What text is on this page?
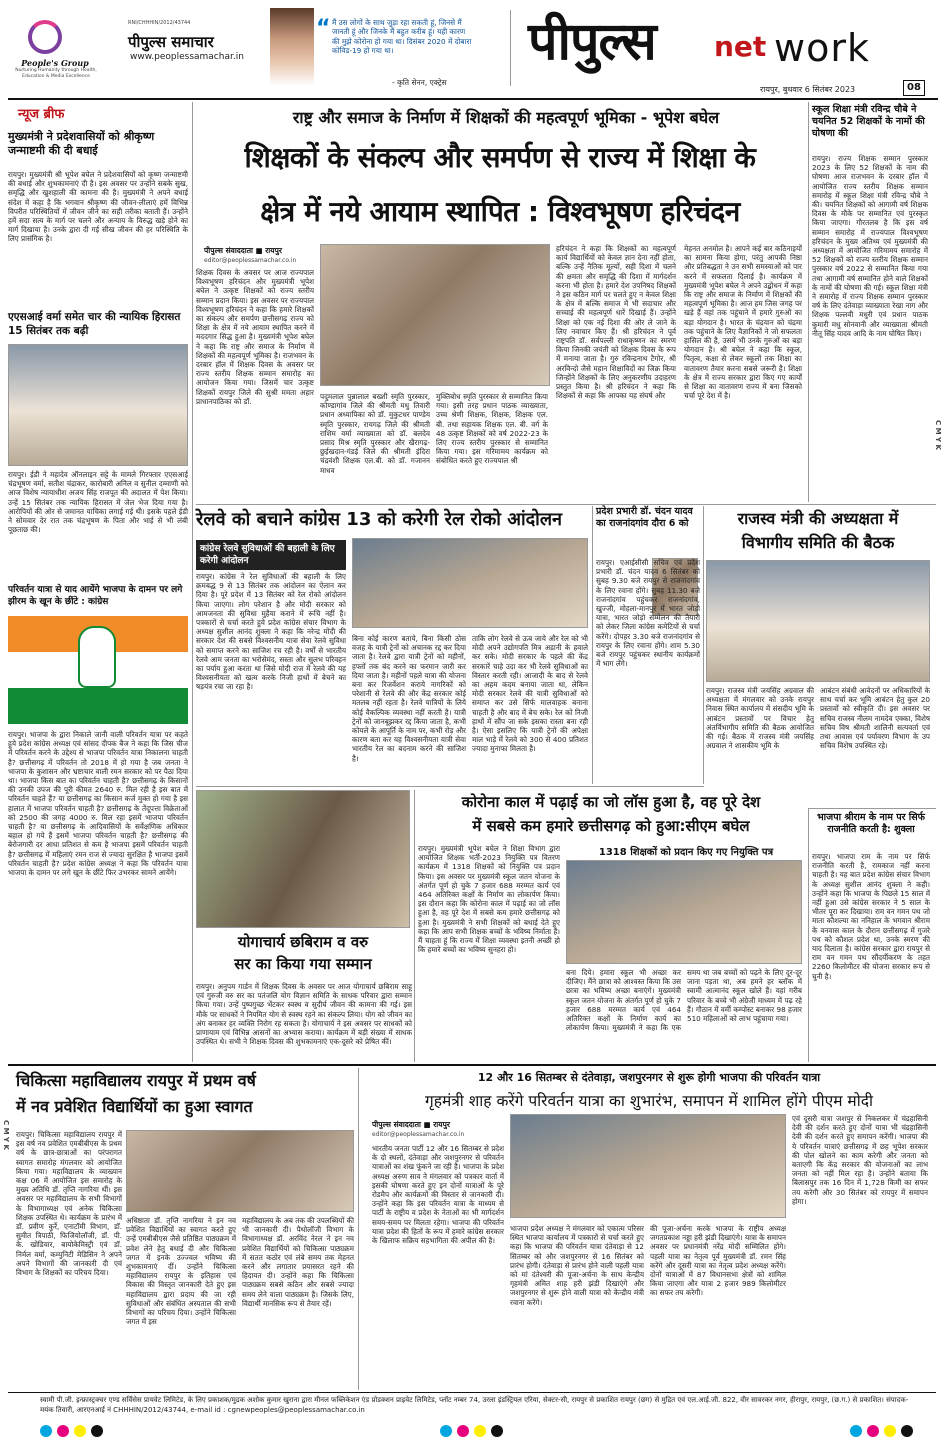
People's Group
Nurturing Humanity through Health, Education & Media Excellence
RNI/CHHHIN/2012/43744
पीपुल्स समाचार
www.peoplessamachar.in
“ मैं उस लोगों के साथ जुड़ा रहा सकती हूं, जिनसे मैं जानती हूं और जिनके मैं बहुत करीब हूं। यही कारण की मुझे कोरोना हो गया था। दिसंबर 2020 में दोबारा कोविड-19 हो गया था।
- कृति सेनन, एक्ट्रेस
पीपुल्स net work
रायपुर, बुधवार 6 सितंबर 2023	08
न्यूज ब्रीफ
मुख्यमंत्री ने प्रदेशवासियों को श्रीकृष्ण जन्माष्टमी की दी बधाई
रायपुर। मुख्यमंत्री श्री भूपेश बघेल ने प्रदेशवासियों को कृष्ण जन्माष्टमी की बधाई और शुभकामनाएं दी है। इस अवसर पर उन्होंने सबके सुख, समृद्धि और खुशहाली की कामना की है। मुख्यमंत्री ने अपने बधाई संदेश में कहा है कि भगवान श्रीकृष्ण की जीवन-लीलाएं हमें विभिन्न विपरीत परिस्थितियों में जीवन जीने का सही तरीका बताती हैं। उन्होंने हमें सदा सत्य के मार्ग पर चलने और अन्याय के विरुद्ध खड़े होने का मार्ग दिखाया है। उनके द्वारा दी गई सीख जीवन की हर परिस्थिति के लिए प्रासंगिक है।
एएसआई वर्मा समेत चार की न्यायिक हिरासत 15 सितंबर तक बढ़ी
रायपुर। ईडी ने महादेव ऑनलाइन सट्टे के मामले गिरफ्तार एएसआई चंद्रभूषण वर्मा, सतीश चंद्राकर, कारोबारी अनिल व सुनील दम्माणी को आज विशेष न्यायाधीश अजय सिंह राजपूत की अदालत में पेश किया। उन्हें 15 सितंबर तक न्यायिक हिरासत में जेल भेज दिया गया है। आरोपियों की ओर से जमानत याचिका लगाई गई थी। इसके पहले ईडी ने सोमवार देर रात तक चंद्रभूषण के पिता और भाई से भी लंबी पूछताछ की।
परिवर्तन यात्रा से याद आयेंगे भाजपा के दामन पर लगे झीरम के खून के छींटे : कांग्रेस
रायपुर। भाजपा के द्वारा निकाले जानी वाली परिवर्तन यात्रा पर कहते हुये प्रदेश कांग्रेस अध्यक्ष एवं सांसद दीपक बैज ने कहा कि जिस चीज में परिवर्तन करने के उद्देश्य से भाजपा परिवर्तन यात्रा निकालना चाहती है? छत्तीसगढ़ में परिवर्तन तो 2018 में हो गया है जब जनता ने भाजपा के कुशासन और भ्रष्टाचार वाली रमन सरकार को पर पैठा दिया था। भाजपा किस बात का परिवर्तन चाहती है? छत्तीसगढ़ के किसानों की उनकी उपज की पूरी कीमत 2640 रु. मिल रही है इस बात में परिवर्तन चाहते हैं? या छत्तीसगढ़ का किसान कर्ज मुक्त हो गया है इस हालात में भाजपा परिवर्तन चाहती है? छत्तीसगढ़ के तेंदूपत्ता विक्रेताओं को 2500 की जगह 4000 रु. मिल रहा इसमें भाजपा परिवर्तन चाहती है? या छत्तीसगढ़ के आदिवासियों के सर्वेक्षणिक अधिकार बहाल हो गये हैं इसमें भाजपा परिवर्तन चाहती है? छत्तीसगढ़ की बेरोजगारी दर आधा प्रतिशत से कम है भाजपा इसमें परिवर्तन चाहती है? छत्तीसगढ़ में महिलाएं रमन राज से ज्यादा सुरक्षित है भाजपा इसमें परिवर्तन चाहती है? प्रदेश कांग्रेस अध्यक्ष ने कहा कि परिवर्तन यात्रा भाजपा के दामन पर लगे खून के छींटे फिर उभरकर सामने आयेंगे।
राष्ट्र और समाज के निर्माण में शिक्षकों की महत्वपूर्ण भूमिका - भूपेश बघेल
शिक्षकों के संकल्प और समर्पण से राज्य में शिक्षा के
क्षेत्र में नये आयाम स्थापित : विश्वभूषण हरिचंदन
पीपुल्स संवाददाता ■ रायपुर
editor@peoplessamachar.co.in
शिक्षक दिवस के अवसर पर आज राज्यपाल विश्वभूषण हरिचंदन और मुख्यमंत्री भूपेश बघेल ने उत्कृष्ट शिक्षकों को राज्य स्तरीय सम्मान प्रदान किया। इस अवसर पर राज्यपाल विश्वभूषण हरिचंदन ने कहा कि हमारे शिक्षकों का संकल्प और समर्पण छत्तीसगढ़ राज्य को शिक्षा के क्षेत्र में नये आयाम स्थापित करने में मददगार सिद्ध हुआ है। मुख्यमंत्री भूपेश बघेल ने कहा कि राष्ट्र और समाज के निर्माण में शिक्षकों की महत्वपूर्ण भूमिका है। राजभवन के दरबार हॉल में शिक्षक दिवस के अवसर पर राज्य स्तरीय शिक्षक सम्मान समारोह का आयोजन किया गया। जिसमें चार उत्कृष्ट शिक्षकों रायपुर जिले की सुश्री ममता अहार प्राधानपाठिका को डॉ.
पदुमलाल पुन्नालाल बख्शी स्मृति पुरस्कार, कोण्डागांव जिले की श्रीमती मधु तिवारी प्रधान अध्यापिका को डॉ. मुकुटधर पाण्डेय स्मृति पुरस्कार, रायगढ़ जिले की श्रीमती राशिम वर्मा व्याख्याता को डॉ. बलदेव प्रसाद मिश्र स्मृति पुरस्कार और खैरागढ़-छुईखदान-गंडई जिले की श्रीमती इंदिरा चंद्रवंशी शिक्षक एल.बी. को डॉ. गजानन माधव
मुक्तिबोध स्मृति पुरस्कार से सम्मानित किया गया। इसी तरह प्रधान पाठक व्याख्याता, उच्च श्रेणी शिक्षक, शिक्षक, शिक्षक एल. बी. तथा सहायक शिक्षक एल. बी. वर्ग के 48 उत्कृष्ट शिक्षकों को वर्ष 2022-23 के लिए राज्य स्तरीय पुरस्कार से सम्मानित किया गया। इस गरिमामय कार्यक्रम को संबोधित करते हुए राज्यपाल श्री
हरिचंदन ने कहा कि शिक्षकों का महत्वपूर्ण कार्य विद्यार्थियों को केवल ज्ञान देना नहीं होता, बल्कि उन्हें नैतिक मूल्यों, सही दिशा में चलने की क्षमता और समृद्धि की दिशा में मार्गदर्शन करना भी होता है। हमारे देश उपनिषद शिक्षकों ने इस कठिन मार्ग पर चलते हुए न केवल शिक्षा के क्षेत्र में बल्कि समाज में भी सदाचार और सच्चाई की महत्वपूर्ण धारें दिखाई हैं। उन्होंने शिक्षा को एक नई दिशा की ओर ले जाने के लिए नवाचार किए हैं। श्री हरिचंदन ने पूर्व राष्ट्रपति डॉ. सर्वपल्ली राधाकृष्णन का स्मरण किया जिनकी जयंती को शिक्षक दिवस के रूप में मनाया जाता है। गुरु रविन्द्रनाथ टैगोर, श्री अरविन्दो जैसे महान शिक्षाविदों का जिक्र किया जिन्होंने शिक्षकों के लिए अनुकरणीय उदाहरण प्रस्तुत किया है। श्री हरिचंदन ने कहा कि शिक्षकों से कहा कि आपका यह संघर्ष और
मेहनत अनमोल है। आपने कई बार कठिनाइयों का सामना किया होगा, परंतु आपकी निष्ठा और प्रतिबद्धता ने उन सभी समस्याओं को पार करने में सफलता दिलाई है। कार्यक्रम में मुख्यमंत्री भूपेश बघेल ने अपने उद्बोधन में कहा कि राष्ट्र और समाज के निर्माण में शिक्षकों की महत्वपूर्ण भूमिका है। आज हम जिस जगह पर खड़े हैं वहां तक पहुंचाने में हमारे गुरुओं का बड़ा योगदान है। भारत के चंद्रयान को चंद्रमा तक पहुंचाने के लिए वैज्ञानिकों ने जो सफलता हासिल की है, उसमें भी उनके गुरुओं का बड़ा योगदान है। श्री बघेल ने कहा कि स्कूल, पितृत्व, कक्षा से लेकर स्कूलों तक शिक्षा का वातावरण तैयार करना सबसे जरूरी है। शिक्षा के क्षेत्र में राज्य सरकार द्वारा किए गए कार्यों से शिक्षा का वातावरण राज्य में बना जिसको चर्चा पूरे देश में है।
स्कूल शिक्षा मंत्री रविन्द्र चौबे ने चयनित 52 शिक्षकों के नामों की घोषणा की
रायपुर। राज्य शिक्षक सम्मान पुरस्कार 2023 के लिए 52 शिक्षकों के नाम की घोषणा आज राजभवन के दरबार हॉल में आयोजित राज्य स्तरीय शिक्षक सम्मान समारोह में स्कूल शिक्षा मंत्री रविन्द्र चौबे ने की। चयनित शिक्षकों को आगामी वर्ष शिक्षक दिवस के मौके पर सम्मानित एवं पुरस्कृत किया जाएगा। गौरतलब है कि इस वर्ष सम्मान समारोह में राज्यपाल विश्वभूषण हरिचंदन के मुख्य अतिथ्य एवं मुख्यमंत्री की अध्यक्षता में आयोजित गरिमामय समारोह में 52 शिक्षकों को राज्य स्तरीय शिक्षक सम्मान पुरस्कार वर्ष 2022 से सम्मानित किया गया तथा आगामी वर्ष सम्मानित होने वाले शिक्षकों के नामों की घोषणा की गई। स्कूल शिक्षा मंत्री ने समारोह में राज्य शिक्षक सम्मान पुरस्कार वर्ष के लिए दंतेवाड़ा व्याख्याता रेखा नाग और शिक्षक पल्लवी मधुरी एवं प्रधान पाठक कुमारी मधु सोनवानी और व्याख्याता श्रीमती नीतू सिंह यादव आदि के नाम घोषित किए।
C M Y K
रेलवे को बचाने कांग्रेस 13 को करेगी रेल रोको आंदोलन
कांग्रेस रेलवे सुविधाओं की बहाली के लिए करेगी आंदोलन
रायपुर। कांग्रेस ने रेल सुविधाओं की बहाली के लिए क्रमबद्ध 9 से 13 सितंबर तक आंदोलन का ऐलान कर दिया है। पूरे प्रदेश में 13 सितंबर को रेल रोको आंदोलन किया जाएगा। लोग परेशान है और मोदी सरकार को आमजनता की सुविधा मुहैया कराने में रूचि नहीं है। पत्रकारों से चर्चा करते हुये प्रदेश कांग्रेस संचार विभाग के अध्यक्ष सुशील आनंद शुक्ला ने कहा कि नरेन्द्र मोदी की सरकार देश की सबसे विश्वसनीय यात्रा सेवा रेलवे सुविधा को समाप्त करने का साजिश रच रही है। वर्षों से भारतीय रेलवे आम जनता का भरोसेमंद, सस्ता और सुलभ परिवहन का पर्याय हुआ करता था जिसे मोदी राज में रेलवे की यह विश्वसनीयता को खत्म करके निजी हाथों में बेचने का षड़यंत्र रचा जा रहा है।
बिना कोई कारण बताये, बिना किसी ठोस वजह के यात्री ट्रेनों को अचानक रद्द कर दिया जाता है। रेलवे द्वारा यात्री ट्रेनों को महीनों, हफ्तों तक बंद करने का फरमान जारी कर दिया जाता है। महीनों पहले यात्रा की योजना बना कर रिजर्वेशन कराये नागरिकों को परेशानी से रेलवे की और केंद्र सरकार कोई मतलब नहीं रहता है। रेलवे यात्रियों के लिये कोई वैकल्पिक व्यवस्था नहीं करती है। यात्री ट्रेनों को जानबूझकर रद्द किया जाता है, कभी कोयले के आपूर्ति के नाम पर, कभी रोड़ और कारण बता कर यह विश्वसनीयता यात्री सेवा भारतीय रेल का बदनाम करने की साजिश है।
ताकि लोग रेलवे से ऊब जाये और रेल को भी मोदी अपने उद्योगपति मित्र अडानी के हवाले कर सके। मोदी सरकार के पहले की केंद्र सरकारें चाहे उदा कर भी रेलवे सुविधाओं का विस्तार करती रही। आजादी के बाद से रेलवे का अहम कदम बनाया जाता था, लेकिन मोदी सरकार रेलवे की यात्री सुविधाओं को समाप्त कर उसे सिर्फ मालवाहक बनाना चाहती है और बाद में बेच सके। रेल को निजी हाथों में सौंप जा सके इसका रास्ता बना रही है। ऐसा इसलिए कि यात्री ट्रेनों की अपेक्षा माल भाड़े में रेलवे को 300 से 400 प्रतिशत ज्यादा मुनाफा मिलता है।
प्रदेश प्रभारी डॉ. चंदन यादव का राजनांदगांव दौरा 6 को
रायपुर। एआईसीसी सचिव एवं प्रदेश प्रभारी डॉ. चंदन यादव 6 सितंबर को सुबह 9.30 बजे रायपुर से राजनांदगांव के लिए रवाना होंगे। सुबह 11.30 बजे राजनांदगांव पहुंचकर राजनांदगांव, खुज्जी, मोहला-मानपुर में भारत जोड़ो यात्रा, भारत जोड़ो सम्मेलन की तैयारी को लेकर जिला कांग्रेस कमेटियों से चर्चा करेंगे। दोपहर 3.30 बजे राजनांदगांव से रायपुर के लिए रवाना होंगे। शाम 5.30 बजे रायपुर पहुंचकर स्थानीय कार्यक्रमों में भाग लेंगे।
राजस्व मंत्री की अध्यक्षता में
विभागीय समिति की बैठक
रायपुर। राजस्व मंत्री जयसिंह अग्रवाल की अध्यक्षता में मंगलवार को उनके रायपुर निवास स्थित कार्यालय में संसदीय भूमि के आबंटन प्रस्तावों पर विचार हेतु अंतर्विभागीय समिति की बैठक आयोजित की गई। बैठक में राजस्व मंत्री जयसिंह अग्रवाल ने शासकीय भूमि के
आबंटन संबंधी आवेदनों पर अधिकारियों के साथ चर्चा कर भूमि आबंटन हेतु कुल 20 प्रस्तावों को स्वीकृति दी। इस अवसर पर सचिव राजस्व नीलम नामदेव एक्का, विशेष सचिव विष श्रीमती शालिनी सत्यवर्ता एवं तथा आवास एवं पर्यावरण विभाग के उप सचिव विशेष उपस्थित रहे।
भाजपा श्रीराम के नाम पर सिर्फ राजनीति करती है: शुक्ला
रायपुर। भाजपा राम के नाम पर सिर्फ राजनीति करती है, रामकाज नहीं करना चाहती है। यह बात प्रदेश कांग्रेस संचार विभाग के अध्यक्ष सुशील आनंद शुक्ला ने कही। उन्होंने कहा कि भाजपा के पिछले 15 साल में नहीं हुआ उसे कांग्रेस सरकार ने 5 साल के भीतर पूरा कर दिखाया। राम वन गमन पथ जो माता कौशल्या का ननिहाल के भगवान श्रीराम के वनवास काल के दौरान छत्तीसगढ़ में गुजरे पथ को कौशल प्रदेश था, उनके स्मरण की याद दिलाता है। कांग्रेस सरकार द्वारा रायपुर से राम वन गमन पथ सौंदर्यीकरण के तहत 2260 किलोमीटर की योजना सरकार रूप से चुनी है।
योगाचार्य छबिराम व वरु
सर का किया गया सम्मान
रायपुर। अनुपम गार्डन में शिक्षक दिवस के अवसर पर आज योगाचार्य छबिराम साहू एवं गुरुजी वरु सर का पतंजलि योग विज्ञान समिति के साधक परिवार द्वारा सम्मान किया गया। उन्हें पुष्पगुच्छ भेंटकर स्वस्थ व सुदीर्घ जीवन की कामना की गई। इस मौके पर साधकों ने नियमित योग से स्वस्थ रहने का संकल्प लिया। योग को जीवन का अंग बनाकर हर व्यक्ति निरोग रह सकता है। योगाचार्य ने इस अवसर पर साधकों को प्राणायाम एवं विभिन्न आसनों का अभ्यास कराया। कार्यक्रम में बड़ी संख्या में साधक उपस्थित थे। सभी ने शिक्षक दिवस की शुभकामनाएं एक-दूसरे को प्रेषित कीं।
कोरोना काल में पढ़ाई का जो लॉस हुआ है, वह पूरे देश
में सबसे कम हमारे छत्तीसगढ़ को हुआ:सीएम बघेल
1318 शिक्षकों को प्रदान किए गए नियुक्ति पत्र
रायपुर। मुख्यमंत्री भूपेश बघेल ने शिक्षा विभाग द्वारा आयोजित शिक्षक भर्ती-2023 नियुक्ति पत्र वितरण कार्यक्रम में 1318 शिक्षकों को नियुक्ति पत्र प्रदान किया। इस अवसर पर मुख्यमंत्री स्कूल जतन योजना के अंतर्गत पूर्ण हो चुके 7 हजार 688 मरम्मत कार्य एवं 464 अतिरिक्त कक्षों के निर्माण का लोकार्पण किया। इस दौरान कहा कि कोरोना काल में पढ़ाई का जो लॉस हुआ है, वह पूरे देश में सबसे कम हमारे छत्तीसगढ़ को हुआ है। मुख्यमंत्री ने सभी शिक्षकों को बधाई देते हुए कहा कि आप सभी शिक्षक बच्चों के भविष्य निर्माता हैं। मैं चाहता हूं कि राज्य में शिक्षा व्यवस्था इतनी अच्छी हो कि हमारे बच्चों का भविष्य सुनहरा हो।
बना दिये। हमारा स्कूल भी अच्छा कर दीजिए। मैंने छात्रा को आश्वस्त किया कि उस छात्रा का भविष्य अच्छा बनाएंगे। मुख्यमंत्री स्कूल जतन योजना के अंतर्गत पूर्ण हो चुके 7 हजार 688 मरम्मत कार्य एवं 464 अतिरिक्त कक्षों के निर्माण कार्य का लोकार्पण किया। मुख्यमंत्री ने कहा कि एक समय था जब बच्चों को पढ़ने के लिए दूर-दूर जाना पड़ता था, अब हमने हर ब्लॉक में स्वामी आत्मानंद स्कूल खोले हैं। यहां गरीब परिवार के बच्चे भी अंग्रेजी माध्यम में पढ़ रहे हैं। गौठान में वर्मी कम्पोस्ट बनाकर 98 हजार 510 महिलाओं को लाभ पहुंचाया गया।
चिकित्सा महाविद्यालय रायपुर में प्रथम वर्ष
में नव प्रवेशित विद्यार्थियों का हुआ स्वागत
रायपुर। चिकित्सा महाविद्यालय रायपुर में इस वर्ष नव प्रवेशित एमबीबीएस के प्रथम वर्ष के छात्र-छात्राओं का परंपरागत स्वागत समारोह मंगलवार को आयोजित किया गया। महाविद्यालय के व्याख्यान कक्ष 06 में आयोजित इस समारोह के मुख्य अतिथि डॉ. तृप्ति नागरिया थीं। इस अवसर पर महाविद्यालय के सभी विभागों के विभागाध्यक्ष एवं अनेक चिकित्सा शिक्षक उपस्थित थे। कार्यक्रम के प्रारंभ में डॉ. प्रवीण कुर्रे, एनाटॉमी विभाग, डॉ. सुमीत त्रिपाठी, फिजियोलॉजी, डॉ. पी. के. खोडियार, बायोकेमिस्ट्री एवं डॉ. निर्मल वर्मा, कम्युनिटी मेडिसिन ने अपने अपने विभागों की जानकारी दी एवं विभाग के शिक्षकों का परिचय दिया।
अधिष्ठाता डॉ. तृप्ति नागरिया ने इन नव प्रवेशित विद्यार्थियों का स्वागत करते हुए उन्हें एमबीबीएस जैसे प्रतिष्ठित पाठ्यक्रम में प्रवेश लेने हेतु बधाई दी और चिकित्सा जगत में इनके उज्ज्वल भविष्य की शुभकामनाएं दीं। उन्होंने चिकित्सा महाविद्यालय रायपुर के इतिहास एवं विकास की विस्तृत जानकारी देते हुए इस महाविद्यालय द्वारा प्रदाय की जा रही सुविधाओं और संबंधित अस्पताल की सभी विभागों का परिचय दिया। उन्होंने चिकित्सा जगत में इस
महाविद्यालय के अब तक की उपलब्धियों की भी जानकारी दी। पैथोलॉजी विभाग के विभागाध्यक्ष डॉ. अरविंद नेरल ने इन नव प्रवेशित विद्यार्थियों को चिकित्सा पाठ्यक्रम में सतत कठोर एवं लंबे समय तक मेहनत करने और लगातार प्रयासरत रहने की हिदायत दी। उन्होंने कहा कि चिकित्सा पाठ्यक्रम सबसे कठिन और सबसे ज्यादा समय लेने वाला पाठ्यक्रम है। जिसके लिए, विद्यार्थी मानसिक रूप से तैयार रहें।
C M Y K
12 और 16 सितम्बर से दंतेवाड़ा, जशपुरनगर से शुरू होगी भाजपा की परिवर्तन यात्रा
गृहमंत्री शाह करेंगे परिवर्तन यात्रा का शुभारंभ, समापन में शामिल होंगे पीएम मोदी
पीपुल्स संवाददाता ■ रायपुर
editor@peoplessamachar.co.in
भारतीय जनता पार्टी 12 और 16 सितम्बर से प्रदेश के दो स्थलों, दंतेवाड़ा और जशपुरनगर से परिवर्तन यात्राओं का शंख फूंकने जा रही है। भाजपा के प्रदेश अध्यक्ष अरुण साव ने मंगलवार को पत्रकार वार्ता में इसकी घोषणा करते हुए इन दोनों यात्राओं के पूरे रोडमैप और कार्यक्रमों की विस्तार से जानकारी दी। उन्होंने कहा कि इस परिवर्तन यात्रा के माध्यम से पार्टी के राष्ट्रीय व प्रदेश के नेताओं का भी मार्गदर्शन समय-समय पर मिलता रहेगा। भाजपा की परिवर्तन यात्रा प्रदेश की हितों के रूप में हमारे कांग्रेस सरकार के खिलाफ सक्रिय सहभागिता की अपील की है।
भाजपा प्रदेश अध्यक्ष ने मंगलवार को एकात्म परिसर स्थित भाजपा कार्यालय में पत्रकारों से चर्चा करते हुए कहा कि भाजपा की परिवर्तन यात्रा दंतेवाड़ा से 12 सितम्बर को और जशपुरनगर से 16 सितंबर को प्रारंभ होगी। दंतेवाड़ा से प्रारंभ होने वाली पहली यात्रा को मां दंतेश्वरी की पूजा-अर्चना के साथ केन्द्रीय गृहमंत्री अमित शाह हरी झंडी दिखाएंगे और जशपुरनगर से शुरू होने वाली यात्रा को केन्द्रीय मंत्री रवाना करेंगे।
की पूजा-अर्चना करके भाजपा के राष्ट्रीय अध्यक्ष जगतप्रकाश नड्डा हरी झंडी दिखाएंगे। यात्रा के समापन अवसर पर प्रधानमंत्री नरेंद्र मोदी सम्मिलित होंगे। पहली यात्रा का नेतृत्व पूर्व मुख्यमंत्री डॉ. रमन सिंह करेंगे और दूसरी यात्रा का नेतृत्व प्रदेश अध्यक्ष करेंगे। दोनों यात्राओं में 87 विधानसभा क्षेत्रों को शामिल किया जाएगा और यात्रा 2 हजार 989 किलोमीटर का सफर तय करेगी।
एवं दूसरी यात्रा जशपुर से निकलकर में चंद्रहासिनी देवी की दर्शन करते हुए दोनों यात्रा भी चंद्रहासिनी देवी की दर्शन करते हुए समापन करेंगी। भाजपा की ये परिवर्तन यात्राएं छत्तीसगढ़ में छह भूपेश सरकार की पोल खोलने का काम करेगी और जनता को बताएगी कि केंद्र सरकार की योजनाओं का लाभ जनता को नहीं मिल रहा है। उन्होंने बताया कि बिलासपुर तक 16 दिन में 1,728 किमी का सफर तय करेगी और 30 सितंबर को रायपुर में समापन होगा।
स्वामी पी.जी. इन्फ्रास्ट्रक्चर एण्ड सर्विसेस प्रायवेट लिमिटेड, के लिए प्रकाशक/मुद्रक अशोक कुमार खुराना द्वारा मीनल फब्लिकेशन एंड प्रोडक्शन प्राइवेट लिमिटेड, प्लॉट नम्बर 74, उरला इंडस्ट्रियल एरिया, सेक्टर-सी, रायपुर से प्रकाशित रायपुर (छग) से मुद्रित एवं एल.आई.जी. 822, वीर सावरकर नगर, हीरापुर, रायपुर, (छ.ग.) से प्रकाशित। संपादक-मयंक तिवारी, आरएनआई नं CHHHIN/2012/43744, e-mail id : cgnewpeoples@peoplessamachar.co.in
